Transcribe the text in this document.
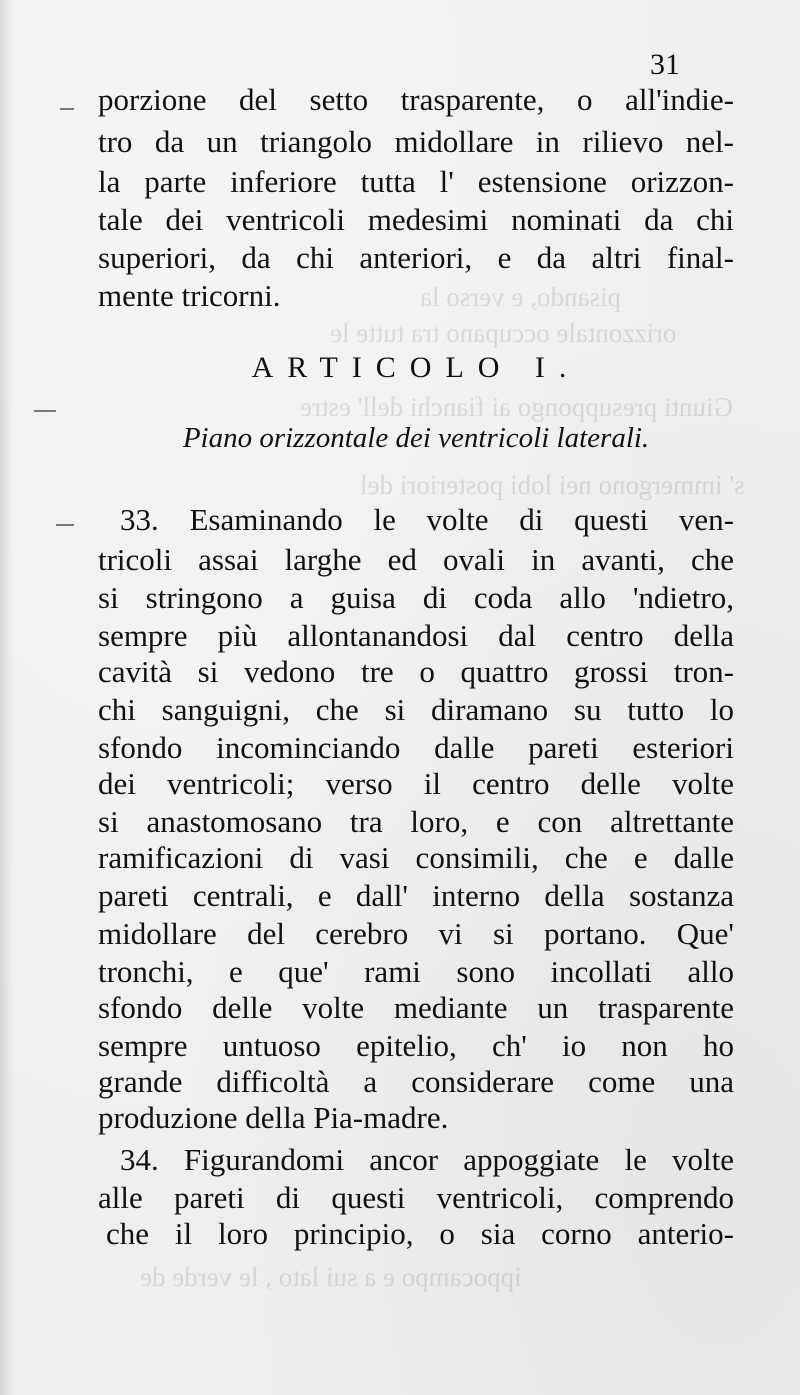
pisando, e verso la
orizzontale occupano tra tutte le
Giunti presuppongo ai fianchi dell' estre
s' immergono nei lobi posteriori del

31

porzione del setto trasparente, o all'indie-

tro da un triangolo midollare in rilievo nel-

la parte inferiore tutta l' estensione orizzon-

tale dei ventricoli medesimi nominati da chi

superiori, da chi anteriori, e da altri final-

mente tricorni.

ARTICOLO I.

Piano orizzontale dei ventricoli laterali.

33. Esaminando le volte di questi ven-

tricoli assai larghe ed ovali in avanti, che

si stringono a guisa di coda allo 'ndietro,

sempre più allontanandosi dal centro della

cavità si vedono tre o quattro grossi tron-

chi sanguigni, che si diramano su tutto lo

sfondo incominciando dalle pareti esteriori

dei ventricoli; verso il centro delle volte

si anastomosano tra loro, e con altrettante

ramificazioni di vasi consimili, che e dalle

pareti centrali, e dall' interno della sostanza

midollare del cerebro vi si portano. Que'

tronchi, e que' rami sono incollati allo

sfondo delle volte mediante un trasparente

sempre untuoso epitelio, ch' io non ho

grande difficoltà a considerare come una

produzione della Pia-madre.

34. Figurandomi ancor appoggiate le volte

alle pareti di questi ventricoli, comprendo

che il loro principio, o sia corno anterio-

ippocampo e a sui lato , le verde de
